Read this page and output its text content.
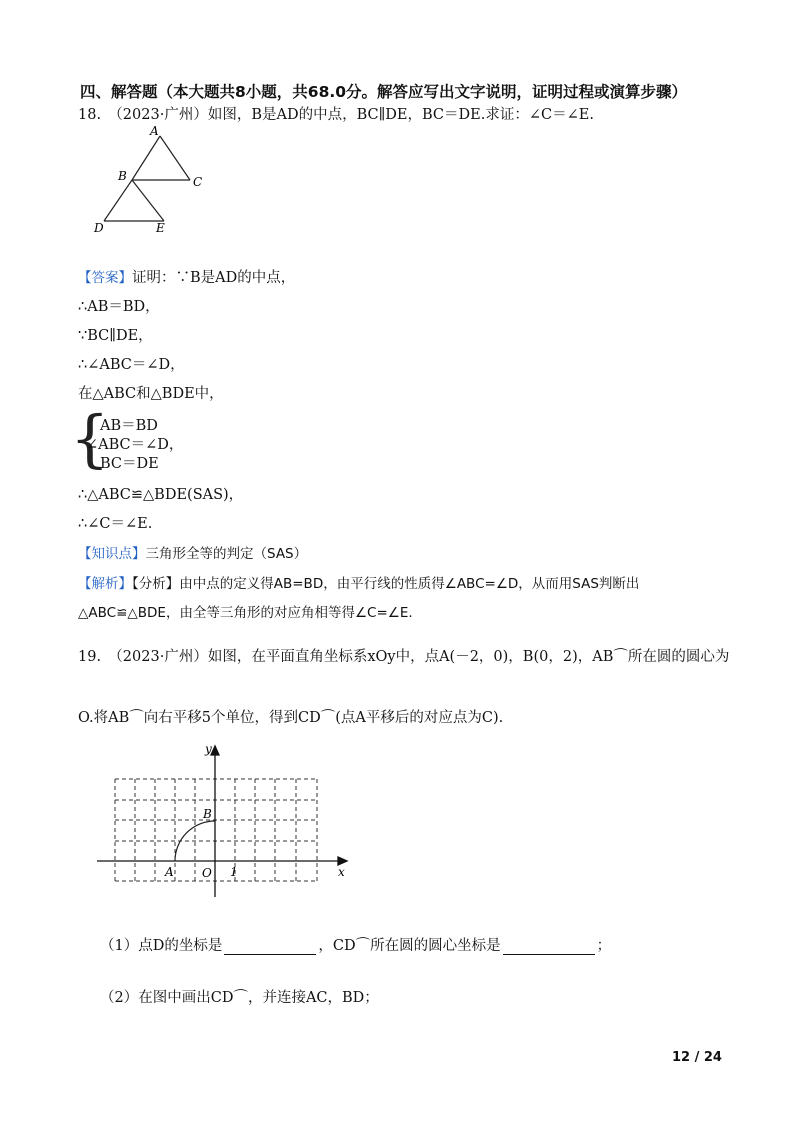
四、解答题（本大题共8小题，共68.0分。解答应写出文字说明，证明过程或演算步骤）
18.　（2023·广州）如图，B是AD的中点，BC∥DE，BC＝DE.求证：∠C＝∠E.
A
B	C
D	E
【答案】证明：∵B是AD的中点，
∴AB＝BD，
∵BC∥DE，
∴∠ABC＝∠D，
在△ABC和△BDE中，
{
AB＝BD
∠ABC＝∠D，
BC＝DE
∴△ABC≌△BDE(SAS)，
∴∠C＝∠E.
【知识点】三角形全等的判定（SAS）
【解析】【分析】由中点的定义得AB=BD，由平行线的性质得∠ABC=∠D，从而用SAS判断出
△ABC≌△BDE，由全等三角形的对应角相等得∠C=∠E.
19.　（2023·广州）如图，在平面直角坐标系xOy中，点A(－2，0)，B(0，2)，AB⌒所在圆的圆心为
O.将AB⌒向右平移5个单位，得到CD⌒(点A平移后的对应点为C).
y
x
O
A
B
1
（1）点D的坐标是	，CD⌒所在圆的圆心坐标是	；
（2）在图中画出CD⌒，并连接AC，BD；
12 / 24
